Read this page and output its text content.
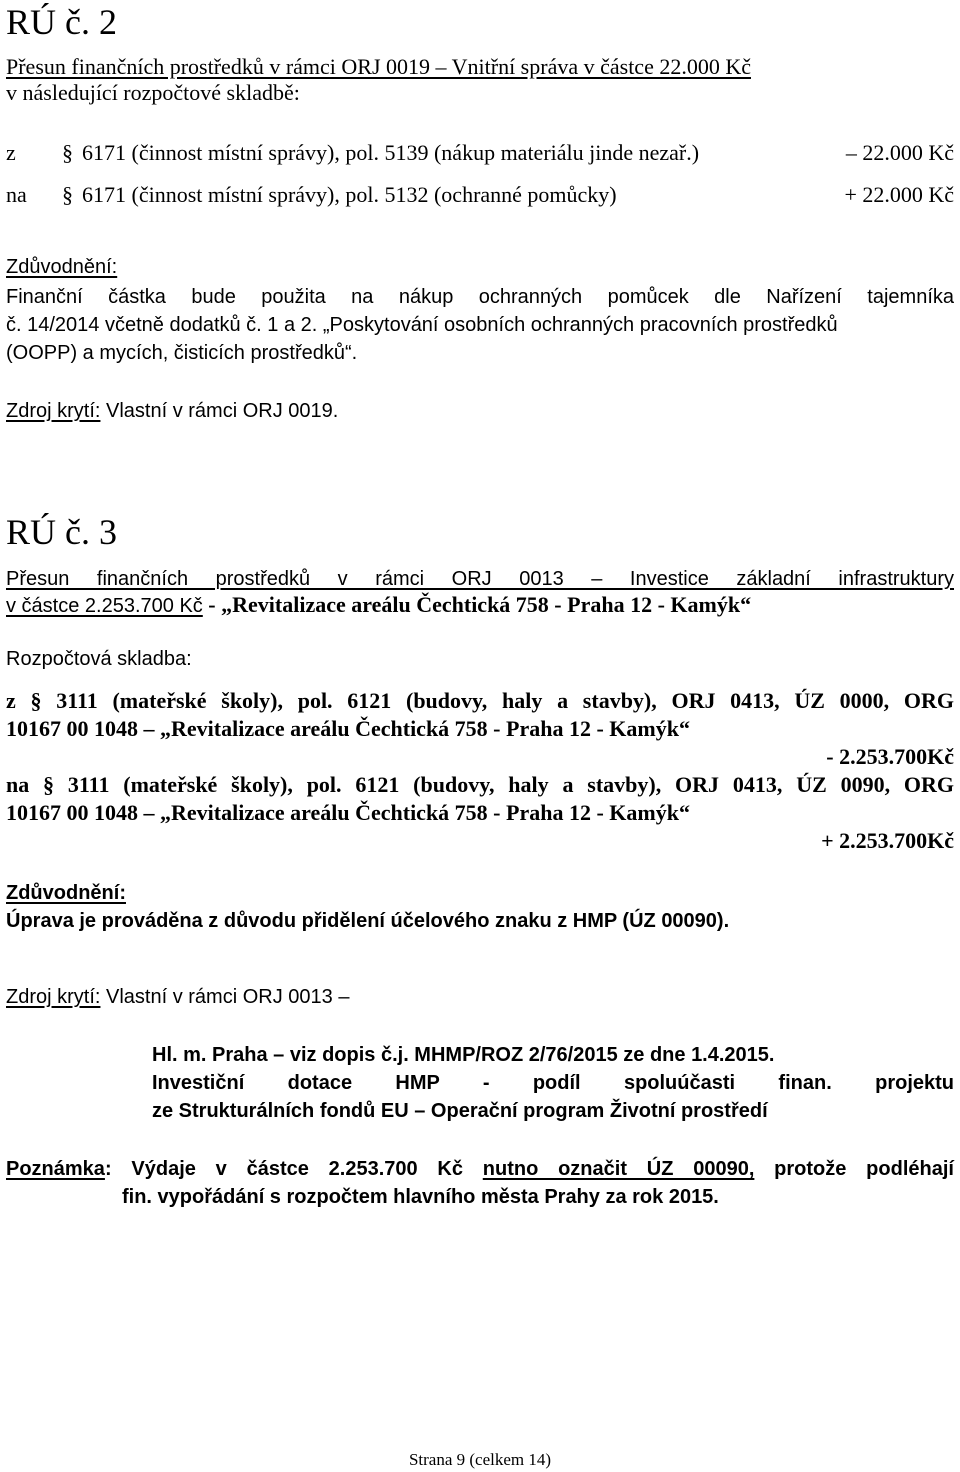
RÚ č. 2
Přesun finančních prostředků v rámci ORJ 0019 – Vnitřní správa v částce 22.000 Kč
v následující rozpočtové skladbě:
z § 6171 (činnost místní správy), pol. 5139 (nákup materiálu jinde nezař.)	– 22.000 Kč
na § 6171 (činnost místní správy), pol. 5132 (ochranné pomůcky)	+ 22.000 Kč
Zdůvodnění:
Finanční částka bude použita na nákup ochranných pomůcek dle Nařízení tajemníka
č. 14/2014 včetně dodatků č. 1 a 2. „Poskytování osobních ochranných pracovních prostředků
(OOPP) a mycích, čisticích prostředků“.
Zdroj krytí: Vlastní v rámci ORJ 0019.
RÚ č. 3
Přesun finančních prostředků v rámci ORJ 0013 – Investice základní infrastruktury
v částce 2.253.700 Kč - „Revitalizace areálu Čechtická 758 - Praha 12 - Kamýk“
Rozpočtová skladba:
z § 3111 (mateřské školy), pol. 6121 (budovy, haly a stavby), ORJ 0413, ÚZ 0000, ORG
10167 00 1048 – „Revitalizace areálu Čechtická 758 - Praha 12 - Kamýk“
- 2.253.700Kč
na § 3111 (mateřské školy), pol. 6121 (budovy, haly a stavby), ORJ 0413, ÚZ 0090, ORG
10167 00 1048 – „Revitalizace areálu Čechtická 758 - Praha 12 - Kamýk“
+ 2.253.700Kč
Zdůvodnění:
Úprava je prováděna z důvodu přidělení účelového znaku z HMP (ÚZ 00090).
Zdroj krytí: Vlastní v rámci ORJ 0013 –
Hl. m. Praha – viz dopis č.j. MHMP/ROZ 2/76/2015 ze dne 1.4.2015.
Investiční dotace HMP - podíl spoluúčasti finan. projektu
ze Strukturálních fondů EU – Operační program Životní prostředí
Poznámka: Výdaje v částce 2.253.700 Kč nutno označit ÚZ 00090, protože podléhají
fin. vypořádání s rozpočtem hlavního města Prahy za rok 2015.
Strana 9 (celkem 14)
